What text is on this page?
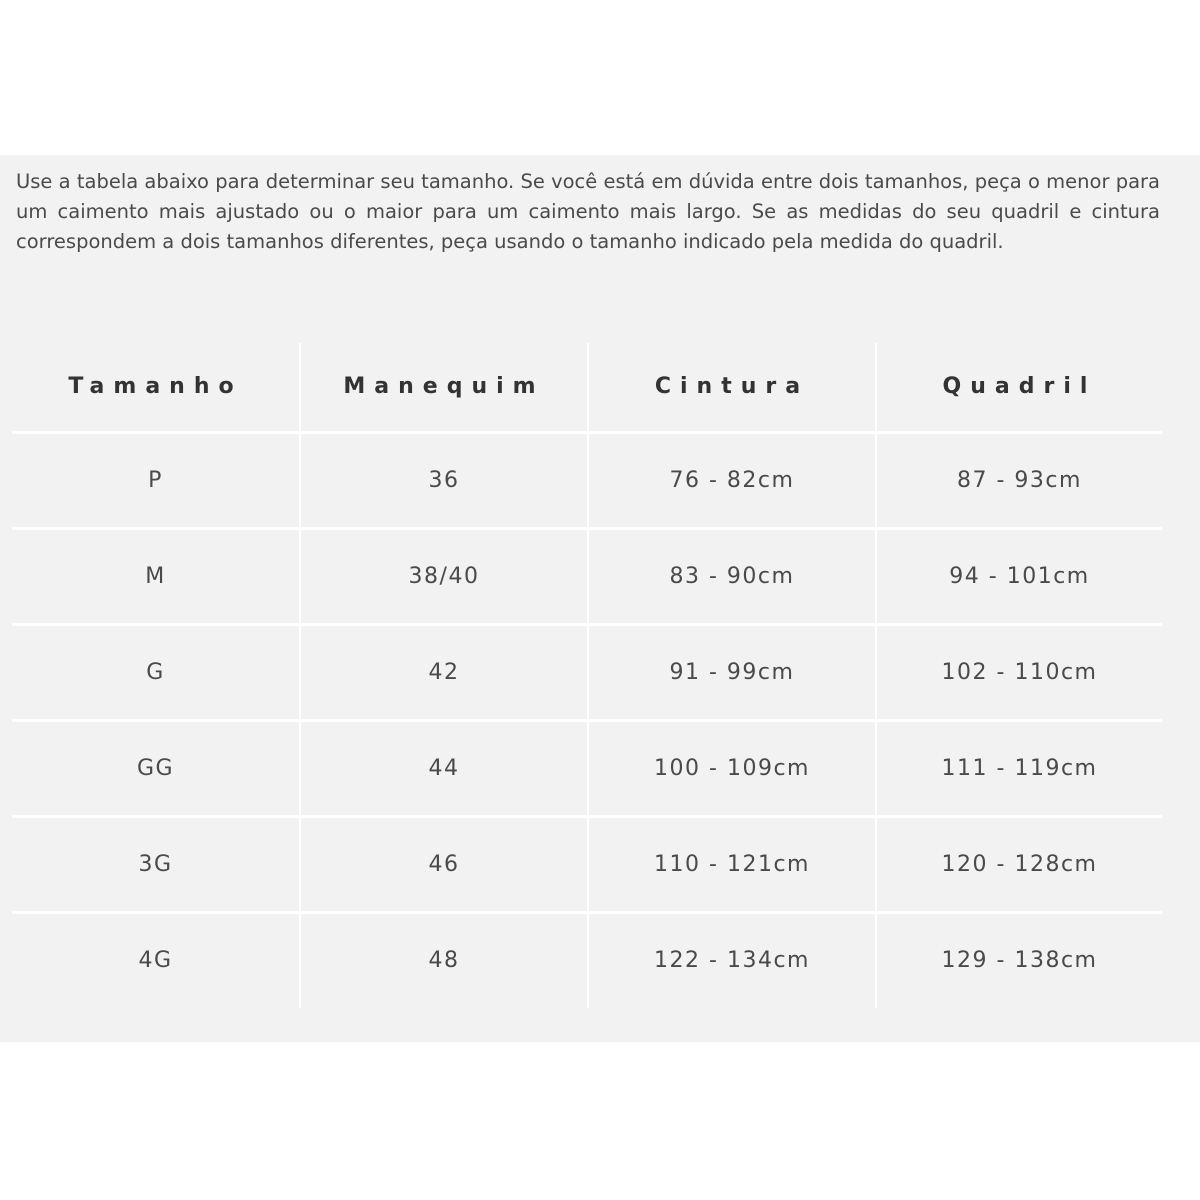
Use a tabela abaixo para determinar seu tamanho. Se você está em dúvida entre dois tamanhos, peça o menor para um caimento mais ajustado ou o maior para um caimento mais largo. Se as medidas do seu quadril e cintura correspondem a dois tamanhos diferentes, peça usando o tamanho indicado pela medida do quadril.

Tamanho	Manequim	Cintura	Quadril
P	36	76 - 82cm	87 - 93cm
M	38/40	83 - 90cm	94 - 101cm
G	42	91 - 99cm	102 - 110cm
GG	44	100 - 109cm	111 - 119cm
3G	46	110 - 121cm	120 - 128cm
4G	48	122 - 134cm	129 - 138cm
